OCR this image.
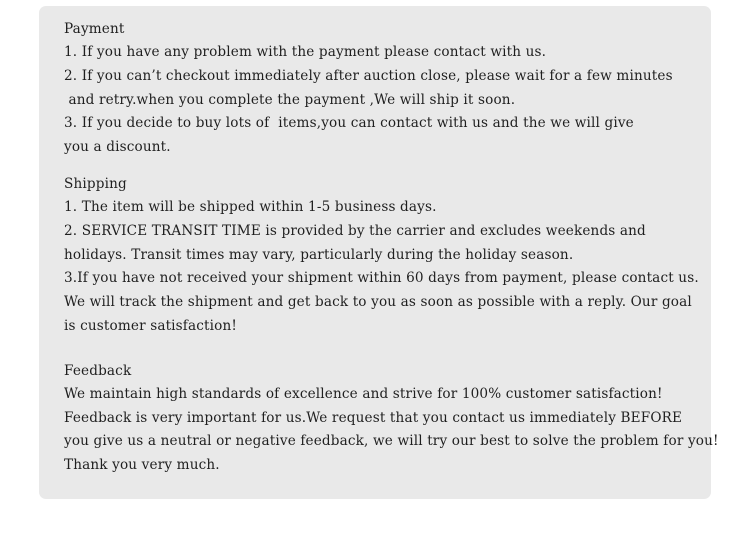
Payment
1. If you have any problem with the payment please contact with us.
2. If you can’t checkout immediately after auction close, please wait for a few minutes
and retry.when you complete the payment ,We will ship it soon.
3. If you decide to buy lots of  items,you can contact with us and the we will give
you a discount.
Shipping
1. The item will be shipped within 1-5 business days.
2. SERVICE TRANSIT TIME is provided by the carrier and excludes weekends and
holidays. Transit times may vary, particularly during the holiday season.
3.If you have not received your shipment within 60 days from payment, please contact us.
We will track the shipment and get back to you as soon as possible with a reply. Our goal
is customer satisfaction!
Feedback
We maintain high standards of excellence and strive for 100% customer satisfaction!
Feedback is very important for us.We request that you contact us immediately BEFORE
you give us a neutral or negative feedback, we will try our best to solve the problem for you!
Thank you very much.
